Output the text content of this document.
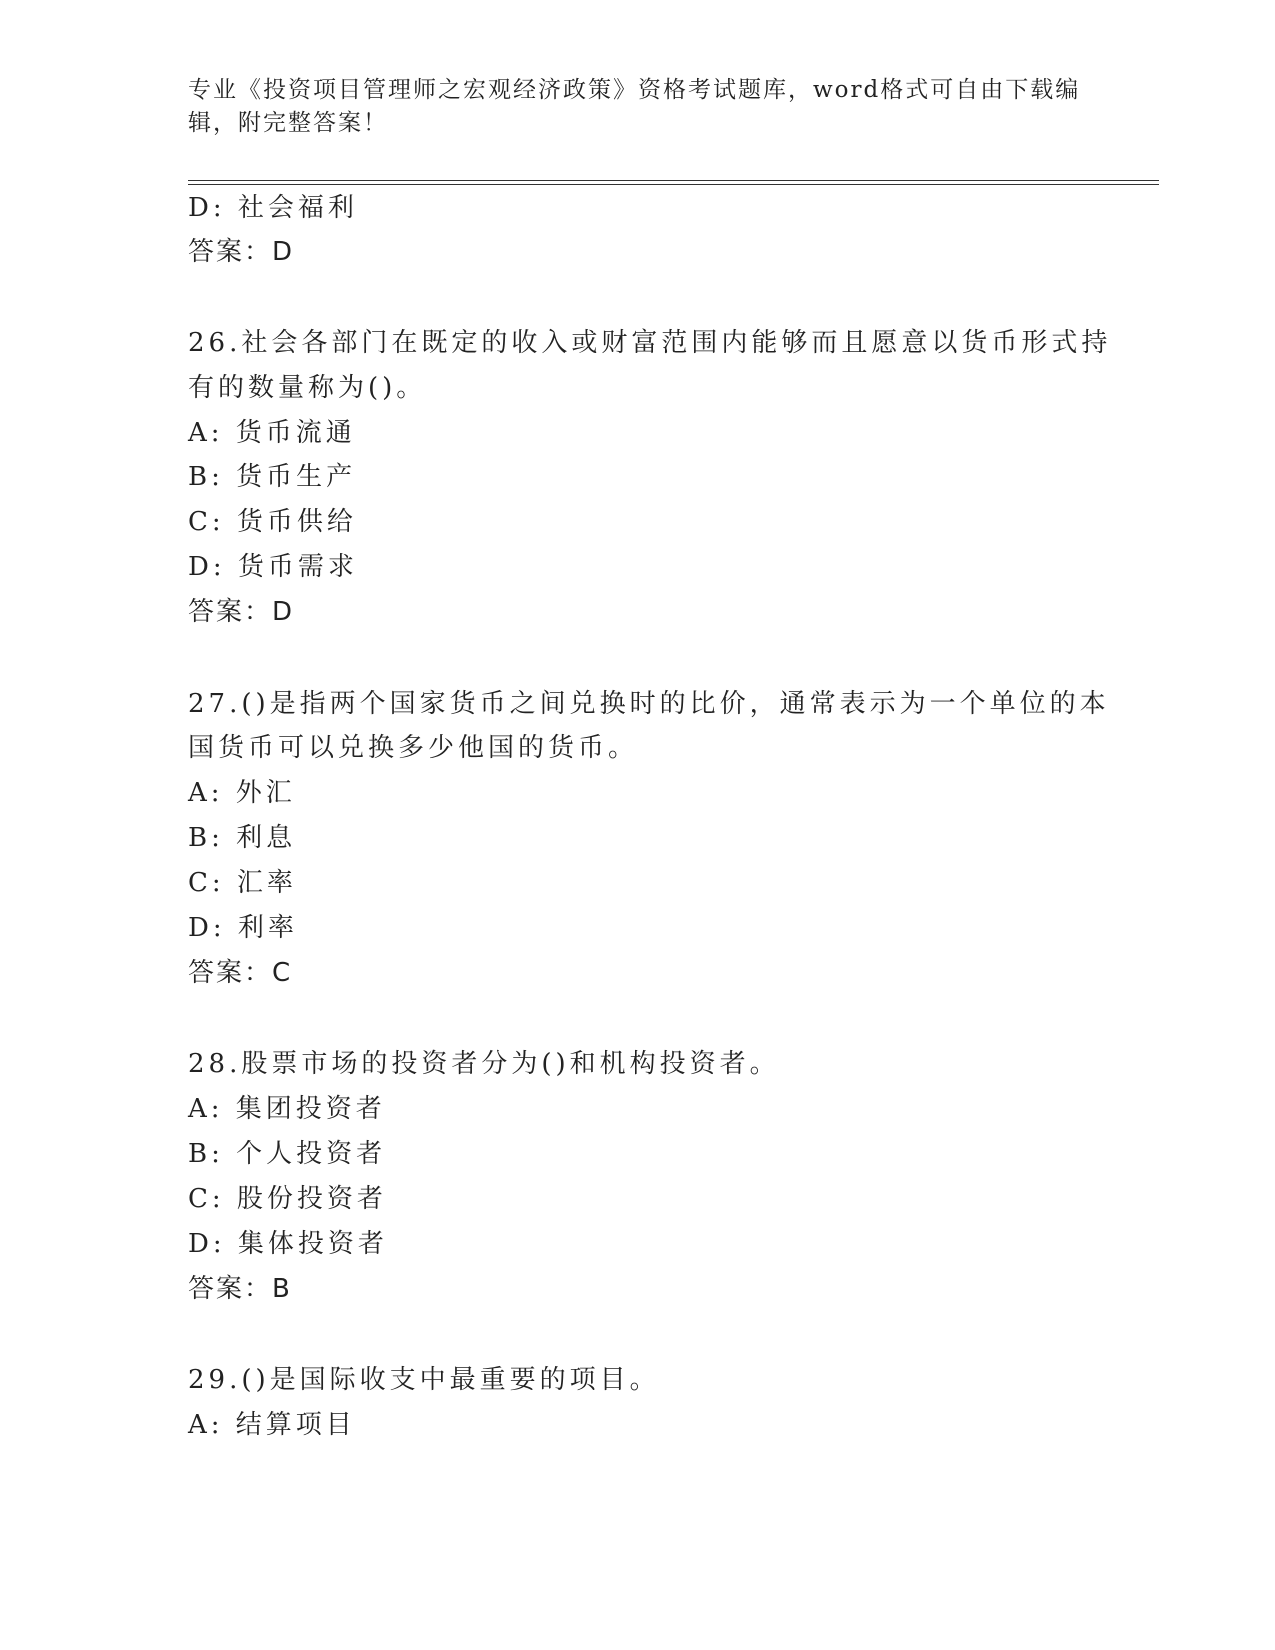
专业《投资项目管理师之宏观经济政策》资格考试题库，word格式可自由下载编
辑，附完整答案！
D: 社会福利
答案：D
26.社会各部门在既定的收入或财富范围内能够而且愿意以货币形式持
有的数量称为()。
A: 货币流通
B: 货币生产
C: 货币供给
D: 货币需求
答案：D
27.()是指两个国家货币之间兑换时的比价，通常表示为一个单位的本
国货币可以兑换多少他国的货币。
A: 外汇
B: 利息
C: 汇率
D: 利率
答案：C
28.股票市场的投资者分为()和机构投资者。
A: 集团投资者
B: 个人投资者
C: 股份投资者
D: 集体投资者
答案：B
29.()是国际收支中最重要的项目。
A: 结算项目
